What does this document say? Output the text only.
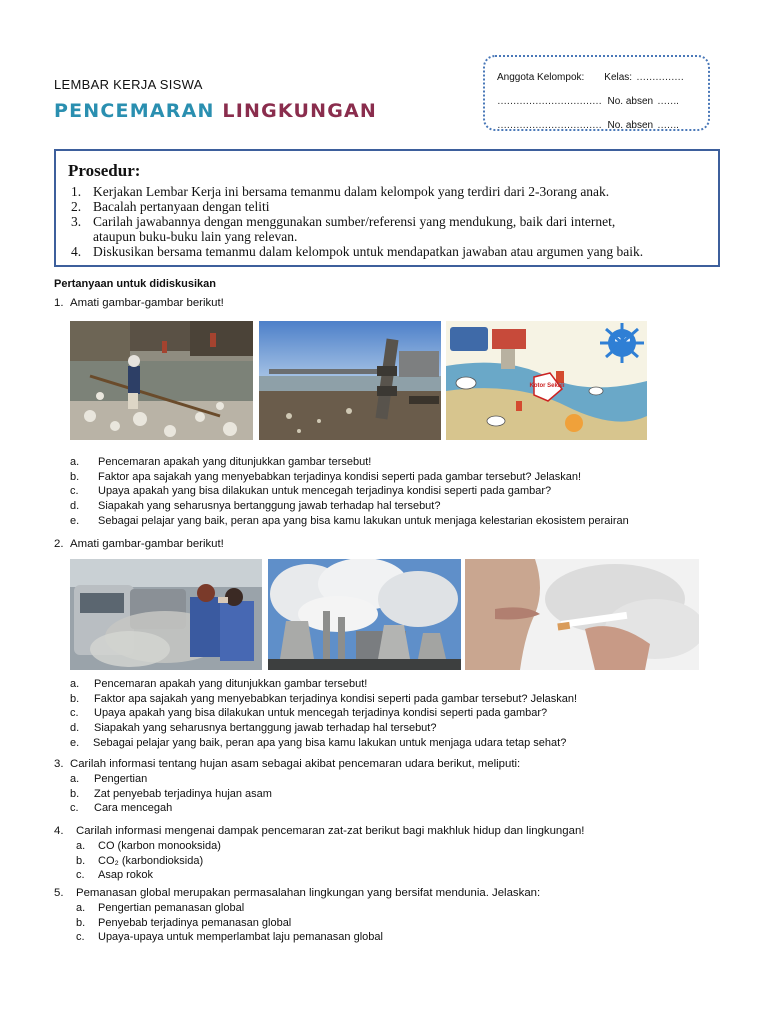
LEMBAR KERJA SISWA
PENCEMARAN LINGKUNGAN
Anggota Kelompok: Kelas: ……………
…………………………… No. absen …….
…………………………… No. absen …….
Prosedur:
1. Kerjakan Lembar Kerja ini bersama temanmu dalam kelompok yang terdiri dari 2-3orang anak.
2. Bacalah pertanyaan dengan teliti
3. Carilah jawabannya dengan menggunakan sumber/referensi yang mendukung, baik dari internet,
ataupun buku-buku lain yang relevan.
4. Diskusikan bersama temanmu dalam kelompok untuk mendapatkan jawaban atau argumen yang baik.
Pertanyaan untuk didiskusikan
1. Amati gambar-gambar berikut!
Kotor Sekali
a.	Pencemaran apakah yang ditunjukkan gambar tersebut!
b.	Faktor apa sajakah yang menyebabkan terjadinya kondisi seperti pada gambar tersebut? Jelaskan!
c.	Upaya apakah yang bisa dilakukan untuk mencegah terjadinya kondisi seperti pada gambar?
d.	Siapakah yang seharusnya bertanggung jawab terhadap hal tersebut?
e.	Sebagai pelajar yang baik, peran apa yang bisa kamu lakukan untuk menjaga kelestarian ekosistem perairan
2. Amati gambar-gambar berikut!
a.	Pencemaran apakah yang ditunjukkan gambar tersebut!
b.	Faktor apa sajakah yang menyebabkan terjadinya kondisi seperti pada gambar tersebut? Jelaskan!
c.	Upaya apakah yang bisa dilakukan untuk mencegah terjadinya kondisi seperti pada gambar?
d.	Siapakah yang seharusnya bertanggung jawab terhadap hal tersebut?
e.	Sebagai pelajar yang baik, peran apa yang bisa kamu lakukan untuk menjaga udara tetap sehat?
3. Carilah informasi tentang hujan asam sebagai akibat pencemaran udara berikut, meliputi:
a.	Pengertian
b.	Zat penyebab terjadinya hujan asam
c.	Cara mencegah
4.	Carilah informasi mengenai dampak pencemaran zat-zat berikut bagi makhluk hidup dan lingkungan!
a.	CO (karbon monooksida)
b.	CO₂ (karbondioksida)
c.	Asap rokok
5.	Pemanasan global merupakan permasalahan lingkungan yang bersifat mendunia. Jelaskan:
a.	Pengertian pemanasan global
b.	Penyebab terjadinya pemanasan global
c.	Upaya-upaya untuk memperlambat laju pemanasan global
